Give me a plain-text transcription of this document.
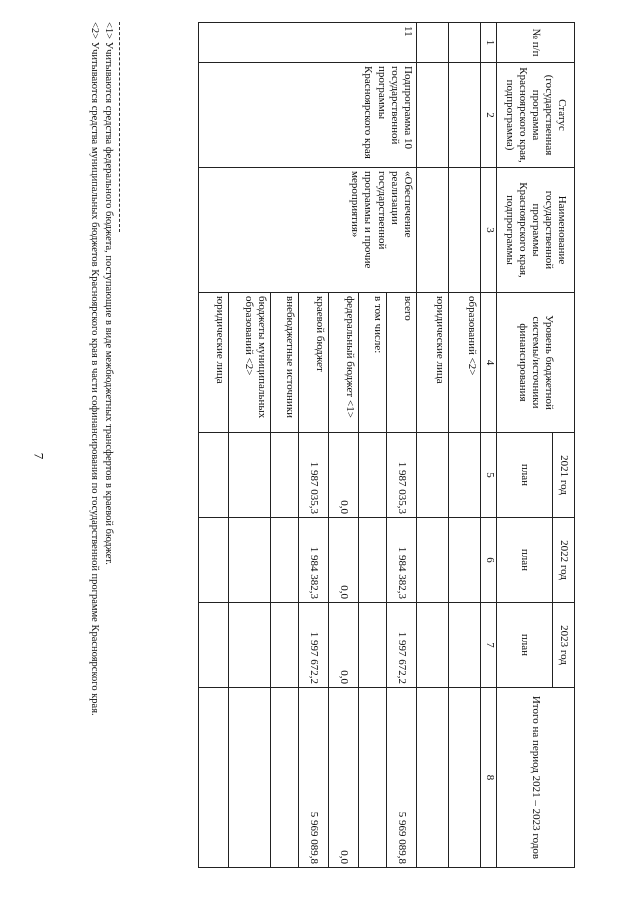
7
№ п/п	Статус (государственная программа Красноярского края, подпрограмма)	Наименование государственной программы Красноярского края, подпрограммы	Уровень бюджетной системы/источники финансирования	2021 год	2022 год	2023 год	Итого на период 2021 – 2023 годов
				план	план	план	
1	2	3	4	5	6	7	8
			образований <2>				
			юридические лица				
11	Подпрограмма 10 государственной программы Красноярского края	«Обеспечение реализации государственной программы и прочие мероприятия»	всего	1 987 035,3	1 984 382,3	1 997 672,2	5 969 089,8
			в том числе:				
			федеральный бюджет <1>	0,0	0,0	0,0	0,0
			краевой бюджет	1 987 035,3	1 984 382,3	1 997 672,2	5 969 089,8
			внебюджетные источники				
			бюджеты муниципальных образований <2>				
			юридические лица				

<1> Учитываются средства федерального бюджета, поступающие в виде межбюджетных трансфертов в краевой бюджет.

<2> Учитываются средства муниципальных бюджетов Красноярского края в части софинансирования по государственной программе Красноярского края.
